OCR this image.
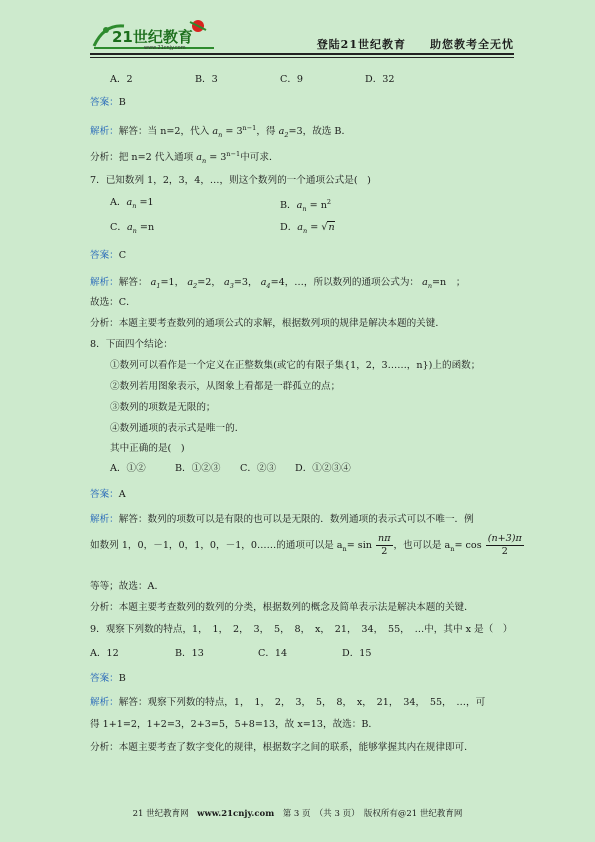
21世纪教育
www.21cnjy.com	登陆21世纪教育　　助您教考全无忧
A．2	B．3	C．9	D．32
答案：B
解析：解答：当 n=2，代入 $a_n = 3^{n-1}$，得 $a_2=3$，故选 B．
分析：把 n=2 代入通项 $a_n = 3^{n-1}$中可求．
7．已知数列 1，2，3，4，…，则这个数列的一个通项公式是(　)
A．$a_n =1$	B．$a_n = n^2$
C．$a_n =n$	D．$a_n = √n$
答案：C
解析：解答： $a_1=1$， $a_2=2$， $a_3=3$， $a_4=4$，…，所以数列的通项公式为： $a_n=n$　；
故选：C．
分析：本题主要考查数列的通项公式的求解，根据数列项的规律是解决本题的关键．
8．下面四个结论：
①数列可以看作是一个定义在正整数集(或它的有限子集{1，2，3……，n})上的函数；
②数列若用图象表示，从图象上看都是一群孤立的点；
③数列的项数是无限的；
④数列通项的表示式是唯一的．
其中正确的是(　)
A．①②	B．①②③ C．②③ D．①②③④
答案：A
解析：解答：数列的项数可以是有限的也可以是无限的．数列通项的表示式可以不唯一．例
如数列 1，0，－1，0，1，0，－1，0……的通项可以是 $a_n= \sin \frac{n\pi}{2}$ ，也可以是 $a_n= \cos \frac{(n+3)\pi}{2}$
等等；故选：A．
分析：本题主要考查数列的数列的分类，根据数列的概念及简单表示法是解决本题的关键．
9．观察下列数的特点，1，　1，　2，　3，　5，　8，　x，　21，　34，　55，　…中，其中 x 是（　）
A．12	B．13	C．14	D．15
答案：B
解析：解答：观察下列数的特点，1，　1，　2，　3，　5，　8，　x，　21，　34，　55，　…，可
得 1+1=2，1+2=3，2+3=5，5+8=13，故 x=13，故选：B．
分析：本题主要考查了数字变化的规律，根据数字之间的联系，能够掌握其内在规律即可．
21 世纪教育网　www.21cnjy.com　第 3 页　（共 3 页）　版权所有@21 世纪教育网
